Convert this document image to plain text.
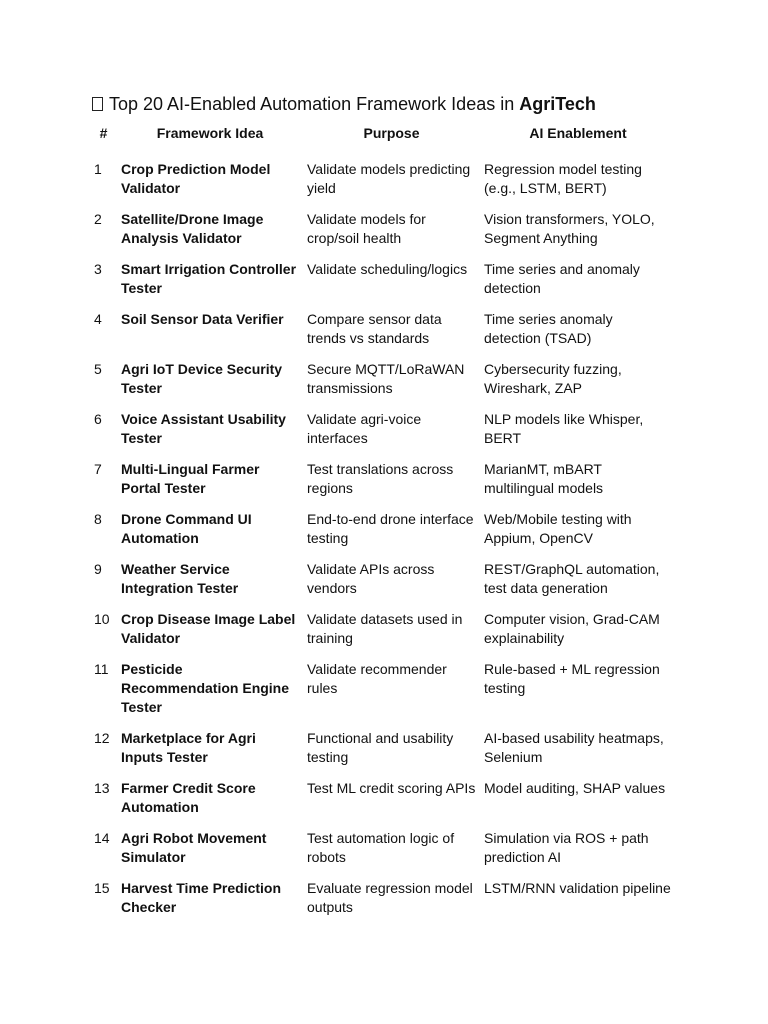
Top 20 AI-Enabled Automation Framework Ideas in AgriTech
#	Framework Idea	Purpose	AI Enablement
1	Crop Prediction Model Validator	Validate models predicting yield	Regression model testing (e.g., LSTM, BERT)
2	Satellite/Drone Image Analysis Validator	Validate models for crop/soil health	Vision transformers, YOLO, Segment Anything
3	Smart Irrigation Controller Tester	Validate scheduling/logics	Time series and anomaly detection
4	Soil Sensor Data Verifier	Compare sensor data trends vs standards	Time series anomaly detection (TSAD)
5	Agri IoT Device Security Tester	Secure MQTT/LoRaWAN transmissions	Cybersecurity fuzzing, Wireshark, ZAP
6	Voice Assistant Usability Tester	Validate agri-voice interfaces	NLP models like Whisper, BERT
7	Multi-Lingual Farmer Portal Tester	Test translations across regions	MarianMT, mBART multilingual models
8	Drone Command UI Automation	End-to-end drone interface testing	Web/Mobile testing with Appium, OpenCV
9	Weather Service Integration Tester	Validate APIs across vendors	REST/GraphQL automation, test data generation
10	Crop Disease Image Label Validator	Validate datasets used in training	Computer vision, Grad-CAM explainability
11	Pesticide Recommendation Engine Tester	Validate recommender rules	Rule-based + ML regression testing
12	Marketplace for Agri Inputs Tester	Functional and usability testing	AI-based usability heatmaps, Selenium
13	Farmer Credit Score Automation	Test ML credit scoring APIs	Model auditing, SHAP values
14	Agri Robot Movement Simulator	Test automation logic of robots	Simulation via ROS + path prediction AI
15	Harvest Time Prediction Checker	Evaluate regression model outputs	LSTM/RNN validation pipeline
